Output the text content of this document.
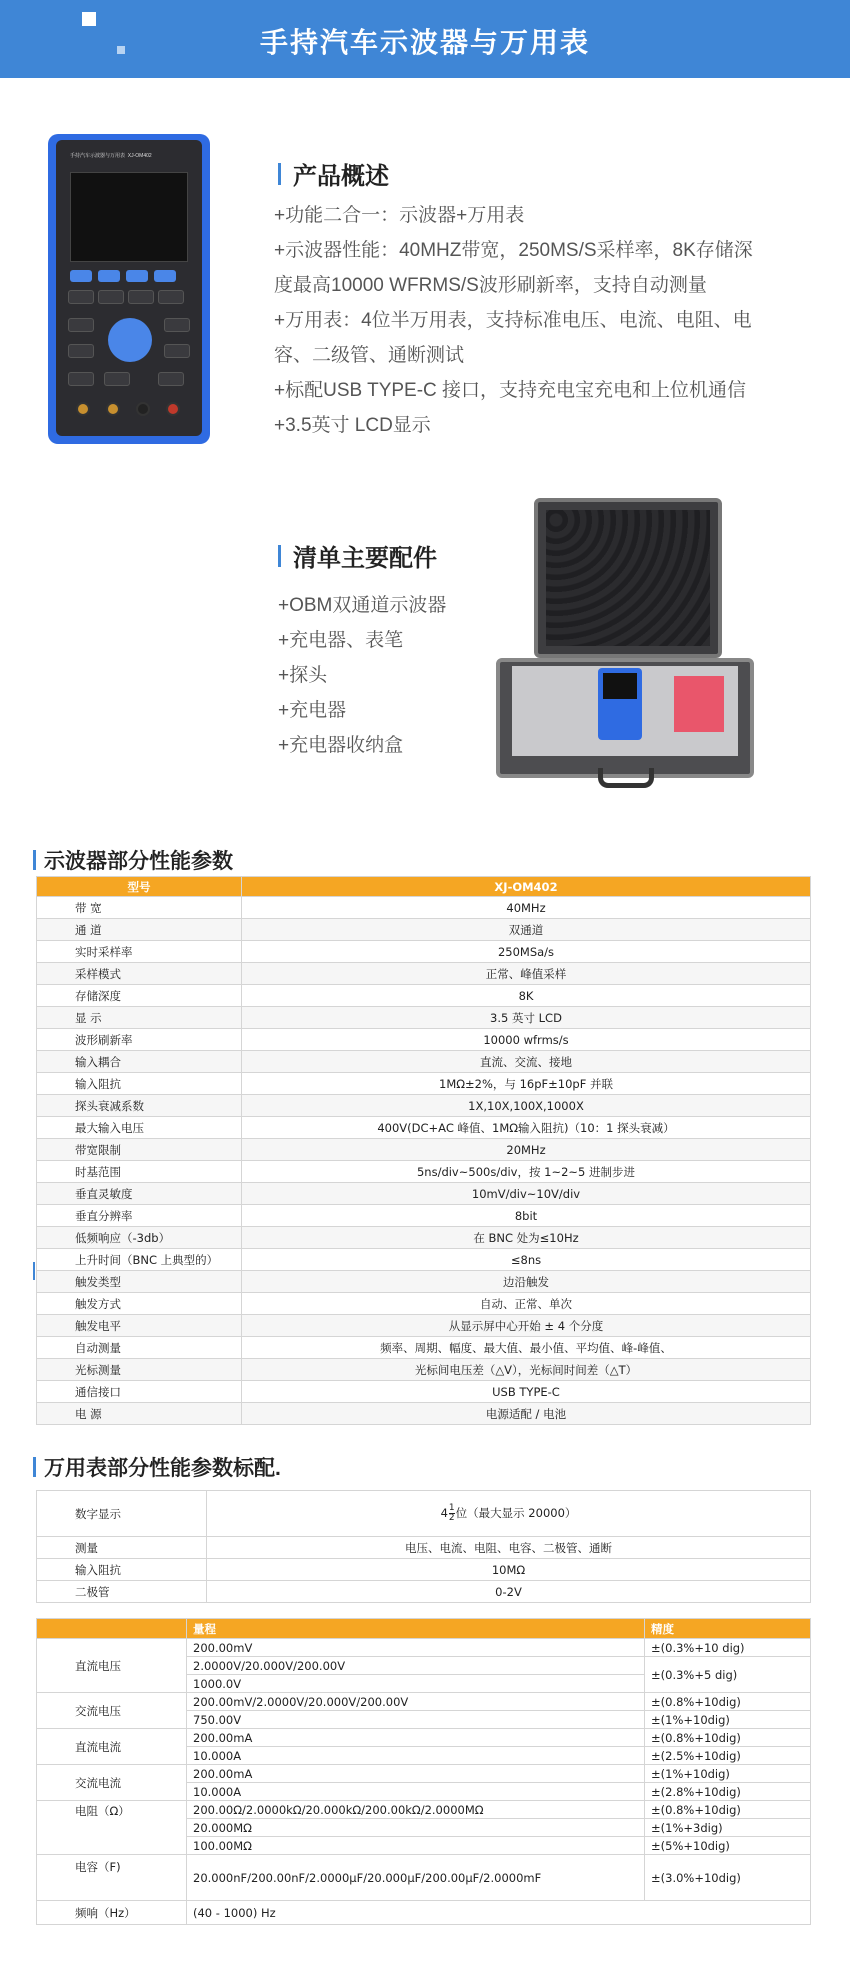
手持汽车示波器与万用表
手持汽车示波器与万用表 XJ-OM402
产品概述
+功能二合一：示波器+万用表
+示波器性能：40MHZ带宽，250MS/S采样率，8K存储深
度最高10000 WFRMS/S波形刷新率，支持自动测量
+万用表：4位半万用表，支持标准电压、电流、电阻、电
容、二级管、通断测试
+标配USB TYPE-C 接口，支持充电宝充电和上位机通信
+3.5英寸 LCD显示
清单主要配件
+OBM双通道示波器
+充电器、表笔
+探头
+充电器
+充电器收纳盒
示波器部分性能参数
型号	XJ-OM402
带 宽	40MHz
通 道	双通道
实时采样率	250MSa/s
采样模式	正常、峰值采样
存储深度	8K
显 示	3.5 英寸 LCD
波形刷新率	10000 wfrms/s
输入耦合	直流、交流、接地
输入阻抗	1MΩ±2%，与 16pF±10pF 并联
探头衰减系数	1X,10X,100X,1000X
最大输入电压	400V(DC+AC 峰值、1MΩ输入阻抗)（10：1 探头衰减）
带宽限制	20MHz
时基范围	5ns/div~500s/div，按 1~2~5 进制步进
垂直灵敏度	10mV/div~10V/div
垂直分辨率	8bit
低频响应（-3db）	在 BNC 处为≤10Hz
上升时间（BNC 上典型的）	≤8ns
触发类型	边沿触发
触发方式	自动、正常、单次
触发电平	从显示屏中心开始 ± 4 个分度
自动测量	频率、周期、幅度、最大值、最小值、平均值、峰-峰值、
光标测量	光标间电压差（△V），光标间时间差（△T）
通信接口	USB TYPE-C
电 源	电源适配 / 电池
万用表部分性能参数标配.
数字显示	$4 \frac{1}{2}$ 位（最大显示 20000）
测量	电压、电流、电阻、电容、二极管、通断
输入阻抗	10MΩ
二极管	0-2V
	量程	精度
直流电压	200.00mV	±(0.3%+10 dig)
	2.0000V/20.000V/200.00V	±(0.3%+5 dig)
	1000.0V	
交流电压	200.00mV/2.0000V/20.000V/200.00V	±(0.8%+10dig)
	750.00V	±(1%+10dig)
直流电流	200.00mA	±(0.8%+10dig)
	10.000A	±(2.5%+10dig)
交流电流	200.00mA	±(1%+10dig)
	10.000A	±(2.8%+10dig)
电阻（Ω）	200.00Ω/2.0000kΩ/20.000kΩ/200.00kΩ/2.0000MΩ	±(0.8%+10dig)
	20.000MΩ	±(1%+3dig)
	100.00MΩ	±(5%+10dig)
电容（F)	20.000nF/200.00nF/2.0000μF/20.000μF/200.00μF/2.0000mF	±(3.0%+10dig)
频响（Hz）	(40 - 1000) Hz	
